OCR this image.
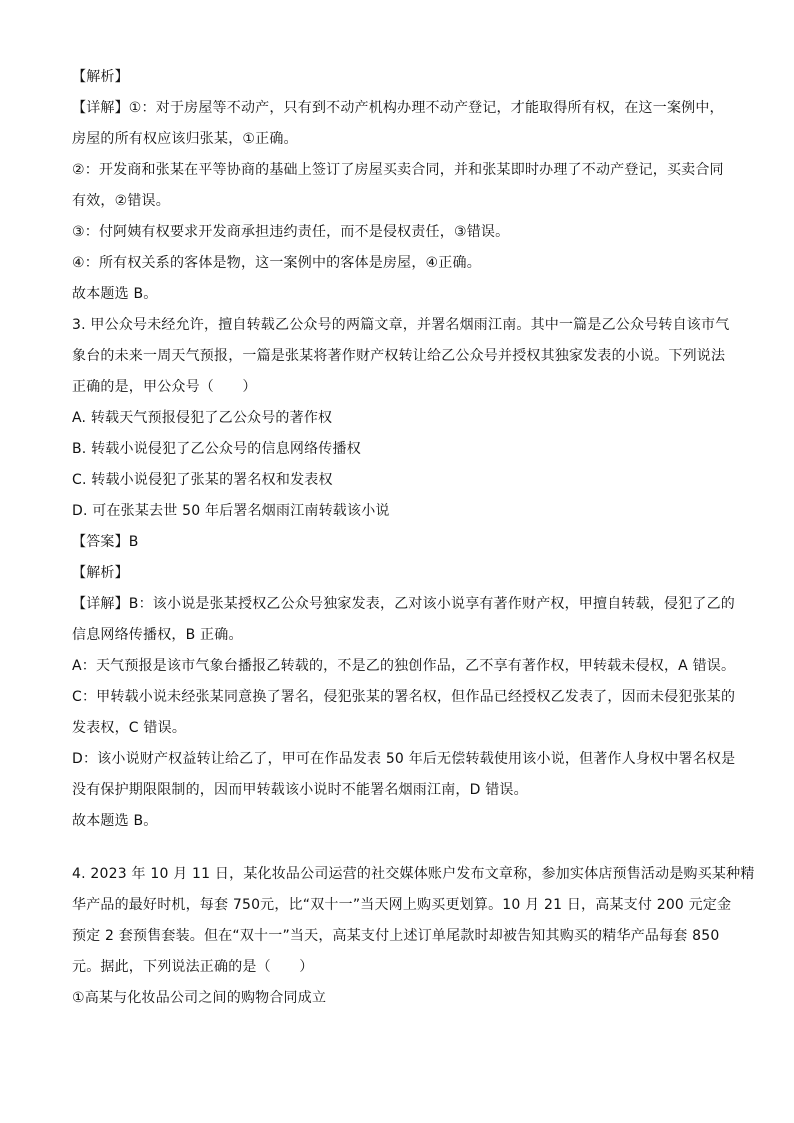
【解析】
【详解】①：对于房屋等不动产，只有到不动产机构办理不动产登记，才能取得所有权，在这一案例中，
房屋的所有权应该归张某，①正确。
②：开发商和张某在平等协商的基础上签订了房屋买卖合同，并和张某即时办理了不动产登记，买卖合同
有效，②错误。
③：付阿姨有权要求开发商承担违约责任，而不是侵权责任，③错误。
④：所有权关系的客体是物，这一案例中的客体是房屋，④正确。
故本题选 B。
3. 甲公众号未经允许，擅自转载乙公众号的两篇文章，并署名烟雨江南。其中一篇是乙公众号转自该市气
象台的未来一周天气预报，一篇是张某将著作财产权转让给乙公众号并授权其独家发表的小说。下列说法
正确的是，甲公众号（　　）
A. 转载天气预报侵犯了乙公众号的著作权
B. 转载小说侵犯了乙公众号的信息网络传播权
C. 转载小说侵犯了张某的署名权和发表权
D. 可在张某去世 50 年后署名烟雨江南转载该小说
【答案】B
【解析】
【详解】B：该小说是张某授权乙公众号独家发表，乙对该小说享有著作财产权，甲擅自转载，侵犯了乙的
信息网络传播权，B 正确。
A：天气预报是该市气象台播报乙转载的，不是乙的独创作品，乙不享有著作权，甲转载未侵权，A 错误。
C：甲转载小说未经张某同意换了署名，侵犯张某的署名权，但作品已经授权乙发表了，因而未侵犯张某的
发表权，C 错误。
D：该小说财产权益转让给乙了，甲可在作品发表 50 年后无偿转载使用该小说，但著作人身权中署名权是
没有保护期限限制的，因而甲转载该小说时不能署名烟雨江南，D 错误。
故本题选 B。
4. 2023 年 10 月 11 日，某化妆品公司运营的社交媒体账户发布文章称，参加实体店预售活动是购买某种精
华产品的最好时机，每套 750元，比“双十一”当天网上购买更划算。10 月 21 日，高某支付 200 元定金
预定 2 套预售套装。但在“双十一”当天，高某支付上述订单尾款时却被告知其购买的精华产品每套 850
元。据此，下列说法正确的是（　　）
①高某与化妆品公司之间的购物合同成立
